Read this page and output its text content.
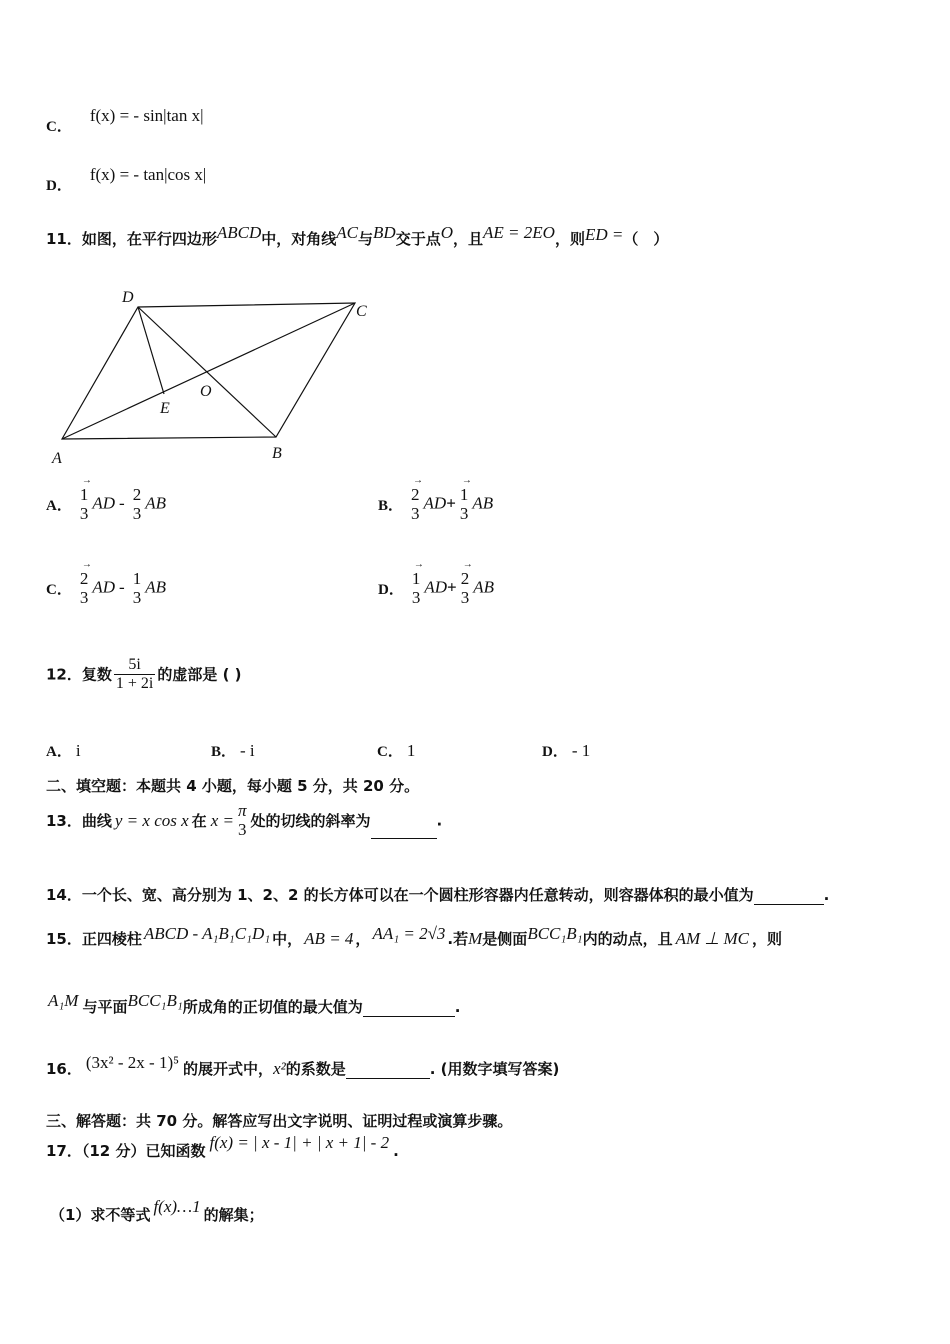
C． f(x) = - sin|tan x|
D． f(x) = - tan|cos x|
11．如图，在平行四边形ABCD中，对角线AC与BD交于点O，且AE = 2EO，则ED =（　）
A	B
C
D
E
O
A．
→ 1
3
AD - 2
3
AB	B．
→ 2
3
AD+ → 1
3
AB
C．
→ 2
3
AD - 1
3
AB	D．
→ 1
3
AD+ → 2
3
AB
12．复数 $\frac{5i}{1 + 2i}$ 的虚部是 ( )
A． i	B． - i	C． 1	D． - 1
二、填空题：本题共 4 小题，每小题 5 分，共 20 分。
13．曲线 y = x cos x 在 x =
π
3 处的切线的斜率为	.
14．一个长、宽、高分别为 1、2、2 的长方体可以在一个圆柱形容器内任意转动，则容器体积的最小值为	.
15．正四棱柱 ABCD - A₁B₁C₁D₁ 中， AB = 4 ， AA₁ = 2√3 .若M是侧面BCC₁B₁内的动点，且 AM ⊥ MC ，则
A₁M 与平面BCC₁B₁所成角的正切值的最大值为	.
16． (3x² - 2x - 1)⁵ 的展开式中，x²的系数是	. (用数字填写答案)
三、解答题：共 70 分。解答应写出文字说明、证明过程或演算步骤。
17．（12 分）已知函数 f(x) = | x - 1| + | x + 1| - 2 .
（1）求不等式 f(x)…1 的解集；
